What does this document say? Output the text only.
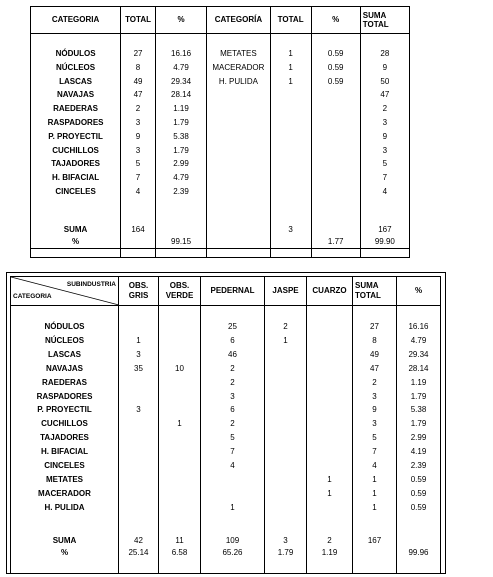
CATEGORIA	TOTAL	%	CATEGORÍA	TOTAL	%	SUMA TOTAL

NÓDULOS	27	16.16	METATES	1	0.59	28
NÚCLEOS	8	4.79	MACERADOR	1	0.59	9
LASCAS	49	29.34	H. PULIDA	1	0.59	50
NAVAJAS	47	28.14				47
RAEDERAS	2	1.19				2
RASPADORES	3	1.79				3
P. PROYECTIL	9	5.38				9
CUCHILLOS	3	1.79				3
TAJADORES	5	2.99				5
H. BIFACIAL	7	4.79				7
CINCELES	4	2.39				4

SUMA	164			3		167
%		99.15			1.77	99.90

SUBINDUSTRIA
CATEGORIA	OBS. GRIS	OBS. VERDE	PEDERNAL	JASPE	CUARZO	SUMA TOTAL	%

NÓDULOS			25	2		27	16.16
NÚCLEOS	1		6	1		8	4.79
LASCAS	3		46			49	29.34
NAVAJAS	35	10	2			47	28.14
RAEDERAS			2			2	1.19
RASPADORES			3			3	1.79
P. PROYECTIL	3		6			9	5.38
CUCHILLOS		1	2			3	1.79
TAJADORES			5			5	2.99
H. BIFACIAL			7			7	4.19
CINCELES			4			4	2.39
METATES					1	1	0.59
MACERADOR					1	1	0.59
H. PULIDA			1			1	0.59

SUMA	42	11	109	3	2	167	
%	25.14	6.58	65.26	1.79	1.19		99.96
